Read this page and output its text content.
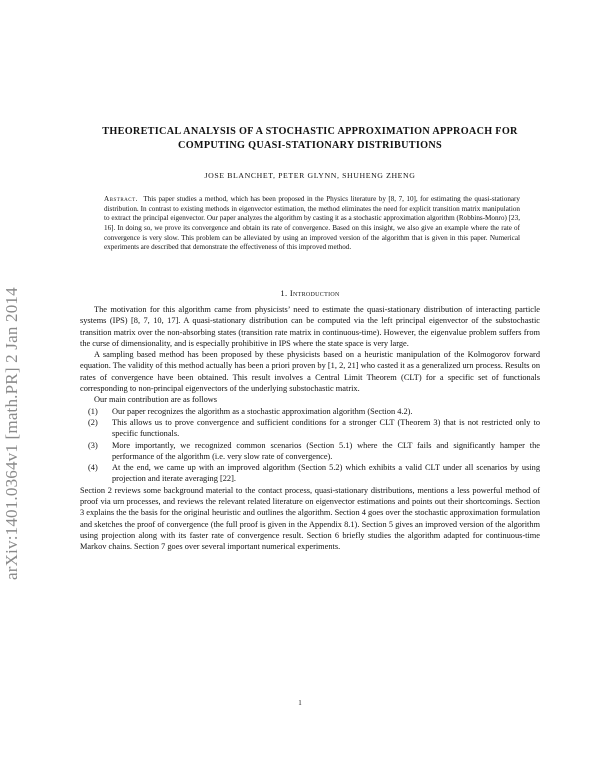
arXiv:1401.0364v1 [math.PR] 2 Jan 2014
THEORETICAL ANALYSIS OF A STOCHASTIC APPROXIMATION APPROACH FOR COMPUTING QUASI-STATIONARY DISTRIBUTIONS
JOSE BLANCHET, PETER GLYNN, SHUHENG ZHENG
Abstract. This paper studies a method, which has been proposed in the Physics literature by [8, 7, 10], for estimating the quasi-stationary distribution. In contrast to existing methods in eigenvector estimation, the method eliminates the need for explicit transition matrix manipulation to extract the principal eigenvector. Our paper analyzes the algorithm by casting it as a stochastic approximation algorithm (Robbins-Monro) [23, 16]. In doing so, we prove its convergence and obtain its rate of convergence. Based on this insight, we also give an example where the rate of convergence is very slow. This problem can be alleviated by using an improved version of the algorithm that is given in this paper. Numerical experiments are described that demonstrate the effectiveness of this improved method.
1. Introduction

The motivation for this algorithm came from physicists’ need to estimate the quasi-stationary distribution of interacting particle systems (IPS) [8, 7, 10, 17]. A quasi-stationary distribution can be computed via the left principal eigenvector of the substochastic transition matrix over the non-absorbing states (transition rate matrix in continuous-time). However, the eigenvalue problem suffers from the curse of dimensionality, and is especially prohibitive in IPS where the state space is very large.

A sampling based method has been proposed by these physicists based on a heuristic manipulation of the Kolmogorov forward equation. The validity of this method actually has been a priori proven by [1, 2, 21] who casted it as a generalized urn process. Results on rates of convergence have been obtained. This result involves a Central Limit Theorem (CLT) for a specific set of functionals corresponding to non-principal eigenvectors of the underlying substochastic matrix.

Our main contribution are as follows

(1) Our paper recognizes the algorithm as a stochastic approximation algorithm (Section 4.2).
(2) This allows us to prove convergence and sufficient conditions for a stronger CLT (Theorem 3) that is not restricted only to specific functionals.
(3) More importantly, we recognized common scenarios (Section 5.1) where the CLT fails and significantly hamper the performance of the algorithm (i.e. very slow rate of convergence).
(4) At the end, we came up with an improved algorithm (Section 5.2) which exhibits a valid CLT under all scenarios by using projection and iterate averaging [22].

Section 2 reviews some background material to the contact process, quasi-stationary distributions, mentions a less powerful method of proof via urn processes, and reviews the relevant related literature on eigenvector estimations and points out their shortcomings. Section 3 explains the the basis for the original heuristic and outlines the algorithm. Section 4 goes over the stochastic approximation formulation and sketches the proof of convergence (the full proof is given in the Appendix 8.1). Section 5 gives an improved version of the algorithm using projection along with its faster rate of convergence result. Section 6 briefly studies the algorithm adapted for continuous-time Markov chains. Section 7 goes over several important numerical experiments.

1
